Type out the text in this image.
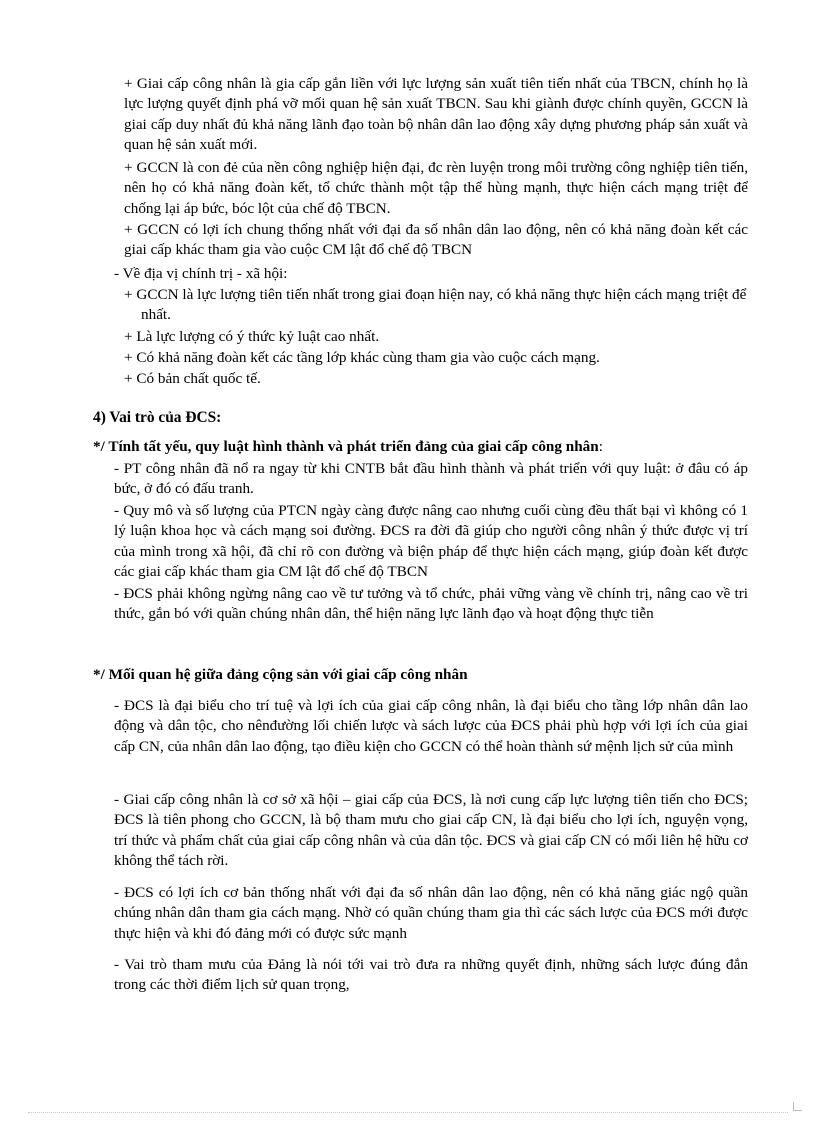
+ Giai cấp công nhân là gia cấp gắn liền với lực lượng sản xuất tiên tiến nhất của TBCN, chính họ là lực lượng quyết định phá vỡ mối quan hệ sản xuất TBCN. Sau khi giành được chính quyền, GCCN là giai cấp duy nhất đủ khả năng lãnh đạo toàn bộ nhân dân lao động xây dựng phương pháp sản xuất và quan hệ sản xuất mới.

+ GCCN là con đẻ của nền công nghiệp hiện đại, đc rèn luyện trong môi trường công nghiệp tiên tiến, nên họ có khả năng đoàn kết, tổ chức thành một tập thể hùng mạnh, thực hiện cách mạng triệt để chống lại áp bức, bóc lột của chế độ TBCN.

+ GCCN có lợi ích chung thống nhất với đại đa số nhân dân lao động, nên có khả năng đoàn kết các giai cấp khác tham gia vào cuộc CM lật đổ chế độ TBCN

- Về địa vị chính trị - xã hội:

+ GCCN là lực lượng tiên tiến nhất trong giai đoạn hiện nay, có khả năng thực hiện cách mạng triệt để nhất.

+ Là lực lượng có ý thức kỷ luật cao nhất.

+ Có khả năng đoàn kết các tầng lớp khác cùng tham gia vào cuộc cách mạng.

+ Có bản chất quốc tế.

4) Vai trò của ĐCS:
*/ Tính tất yếu, quy luật hình thành và phát triển đảng của giai cấp công nhân:

- PT công nhân đã nổ ra ngay từ khi CNTB bắt đầu hình thành và phát triển với quy luật: ở đâu có áp bức, ở đó có đấu tranh.

- Quy mô và số lượng của PTCN ngày càng được nâng cao nhưng cuối cùng đều thất bại vì không có 1 lý luận khoa học và cách mạng soi đường. ĐCS ra đời đã giúp cho người công nhân ý thức được vị trí của mình trong xã hội, đã chỉ rõ con đường và biện pháp để thực hiện cách mạng, giúp đoàn kết được các giai cấp khác tham gia CM lật đổ chế độ TBCN

- ĐCS phải không ngừng nâng cao về tư tưởng và tổ chức, phải vững vàng về chính trị, nâng cao về tri thức, gắn bó với quần chúng nhân dân, thể hiện năng lực lãnh đạo và hoạt động thực tiễn

*/ Mối quan hệ giữa đảng cộng sản với giai cấp công nhân

- ĐCS là đại biểu cho trí tuệ và lợi ích của giai cấp công nhân, là đại biểu cho tầng lớp nhân dân lao động và dân tộc, cho nênđường lối chiến lược và sách lược của ĐCS phải phù hợp với lợi ích của giai cấp CN, của nhân dân lao động, tạo điều kiện cho GCCN có thể hoàn thành sứ mệnh lịch sử của mình

- Giai cấp công nhân là cơ sở xã hội – giai cấp của ĐCS, là nơi cung cấp lực lượng tiên tiến cho ĐCS; ĐCS là tiên phong cho GCCN, là bộ tham mưu cho giai cấp CN, là đại biểu cho lợi ích, nguyện vọng, trí thức và phẩm chất của giai cấp công nhân và của dân tộc. ĐCS và giai cấp CN có mối liên hệ hữu cơ không thể tách rời.

- ĐCS có lợi ích cơ bản thống nhất với đại đa số nhân dân lao động, nên có khả năng giác ngộ quần chúng nhân dân tham gia cách mạng. Nhờ có quần chúng tham gia thì các sách lược của ĐCS mới được thực hiện và khi đó đảng mới có được sức mạnh

- Vai trò tham mưu của Đảng là nói tới vai trò đưa ra những quyết định, những sách lược đúng đắn trong các thời điểm lịch sử quan trọng,
